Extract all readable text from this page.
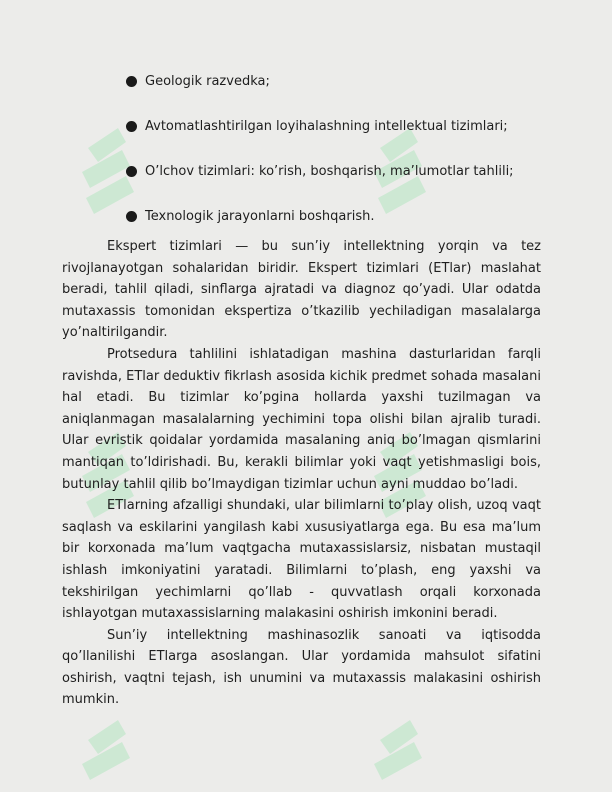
Geologik razvedka;
Avtomatlashtirilgan loyihalashning intellektual tizimlari;
O’lchov tizimlari: ko’rish, boshqarish, ma’lumotlar tahlili;
Texnologik jarayonlarni boshqarish.

Ekspert tizimlari — bu sun’iy intellektning yorqin va tez rivojlanayotgan sohalaridan biridir. Ekspert tizimlari (ETlar) maslahat beradi, tahlil qiladi, sinflarga ajratadi va diagnoz qo’yadi. Ular odatda mutaxassis tomonidan ekspertiza o’tkazilib yechiladigan masalalarga yo’naltirilgandir.

Protsedura tahlilini ishlatadigan mashina dasturlaridan farqli ravishda, ETlar deduktiv fikrlash asosida kichik predmet sohada masalani hal etadi. Bu tizimlar ko’pgina hollarda yaxshi tuzilmagan va aniqlanmagan masalalarning yechimini topa olishi bilan ajralib turadi. Ular evristik qoidalar yordamida masalaning aniq bo’lmagan qismlarini mantiqan to’ldirishadi. Bu, kerakli bilimlar yoki vaqt yetishmasligi bois, butunlay tahlil qilib bo’lmaydigan tizimlar uchun ayni muddao bo’ladi.

ETlarning afzalligi shundaki, ular bilimlarni to’play olish, uzoq vaqt saqlash va eskilarini yangilash kabi xususiyatlarga ega. Bu esa ma’lum bir korxonada ma’lum vaqtgacha mutaxassislarsiz, nisbatan mustaqil ishlash imkoniyatini yaratadi. Bilimlarni to’plash, eng yaxshi va tekshirilgan yechimlarni qo’llab - quvvatlash orqali korxonada ishlayotgan mutaxassislarning malakasini oshirish imkonini beradi.

Sun’iy intellektning mashinasozlik sanoati va iqtisodda qo’llanilishi ETlarga asoslangan. Ular yordamida mahsulot sifatini oshirish, vaqtni tejash, ish unumini va mutaxassis malakasini oshirish mumkin.
